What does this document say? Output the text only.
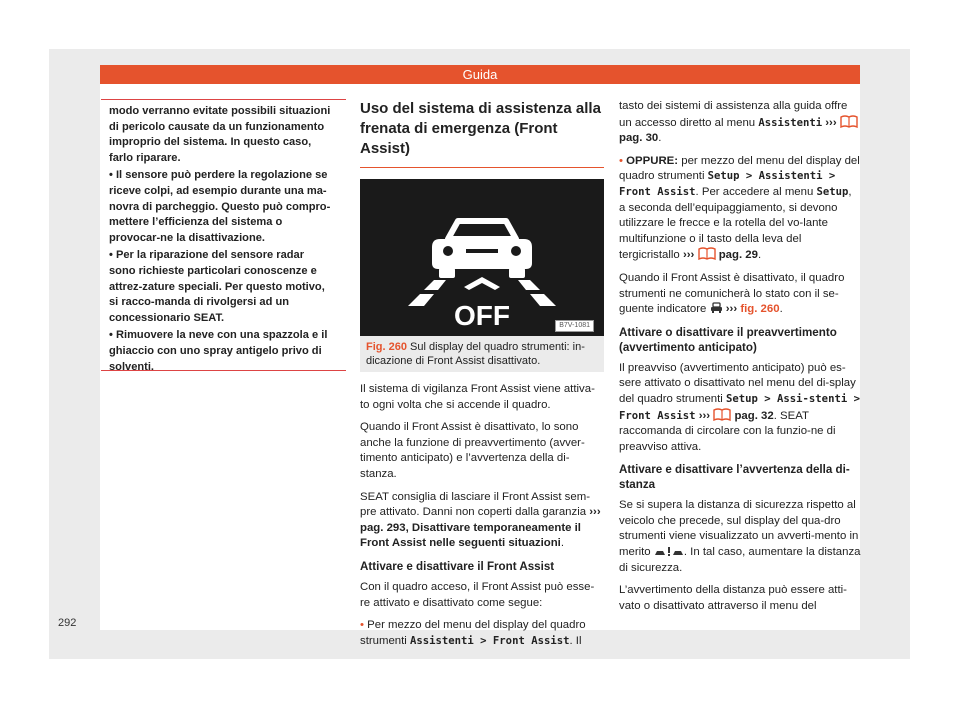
Guida

modo verranno evitate possibili situazioni di pericolo causate da un funzionamento improprio del sistema. In questo caso, farlo riparare.

• Il sensore può perdere la regolazione se riceve colpi, ad esempio durante una ma-novra di parcheggio. Questo può compro-mettere l’efficienza del sistema o provocar-ne la disattivazione.

• Per la riparazione del sensore radar sono richieste particolari conoscenze e attrez-zature speciali. Per questo motivo, si racco-manda di rivolgersi ad un concessionario SEAT.

• Rimuovere la neve con una spazzola e il ghiaccio con uno spray antigelo privo di solventi.

Uso del sistema di assistenza alla frenata di emergenza (Front Assist)
OFF	B7V-1081
Fig. 260 Sul display del quadro strumenti: in-dicazione di Front Assist disattivato.

Il sistema di vigilanza Front Assist viene attiva-to ogni volta che si accende il quadro.

Quando il Front Assist è disattivato, lo sono anche la funzione di preavvertimento (avver-timento anticipato) e l’avvertenza della di-stanza.

SEAT consiglia di lasciare il Front Assist sem-pre attivato. Danni non coperti dalla garanzia ››› pag. 293, Disattivare temporaneamente il Front Assist nelle seguenti situazioni.

Attivare e disattivare il Front Assist

Con il quadro acceso, il Front Assist può esse-re attivato e disattivato come segue:

• Per mezzo del menu del display del quadro strumenti Assistenti > Front Assist. Il

tasto dei sistemi di assistenza alla guida offre un accesso diretto al menu Assistenti ›››  pag. 30.

• OPPURE: per mezzo del menu del display del quadro strumenti Setup > Assistenti > Front Assist. Per accedere al menu Setup, a seconda dell’equipaggiamento, si devono utilizzare le frecce e la rotella del vo-lante multifunzione o il tasto della leva del tergicristallo ››› pag. 29.

Quando il Front Assist è disattivato, il quadro strumenti ne comunicherà lo stato con il se-guente indicatore ››› fig. 260.

Attivare o disattivare il preavvertimento (avvertimento anticipato)

Il preavviso (avvertimento anticipato) può es-sere attivato o disattivato nel menu del di-splay del quadro strumenti Setup > Assi-stenti > Front Assist ››› pag. 32. SEAT raccomanda di circolare con la funzio-ne di preavviso attiva.

Attivare e disattivare l’avvertenza della di-stanza

Se si supera la distanza di sicurezza rispetto al veicolo che precede, sul display del qua-dro strumenti viene visualizzato un avverti-mento in merito	. In tal caso, aumentare la distanza di sicurezza.

L’avvertimento della distanza può essere atti-vato o disattivato attraverso il menu del

292
